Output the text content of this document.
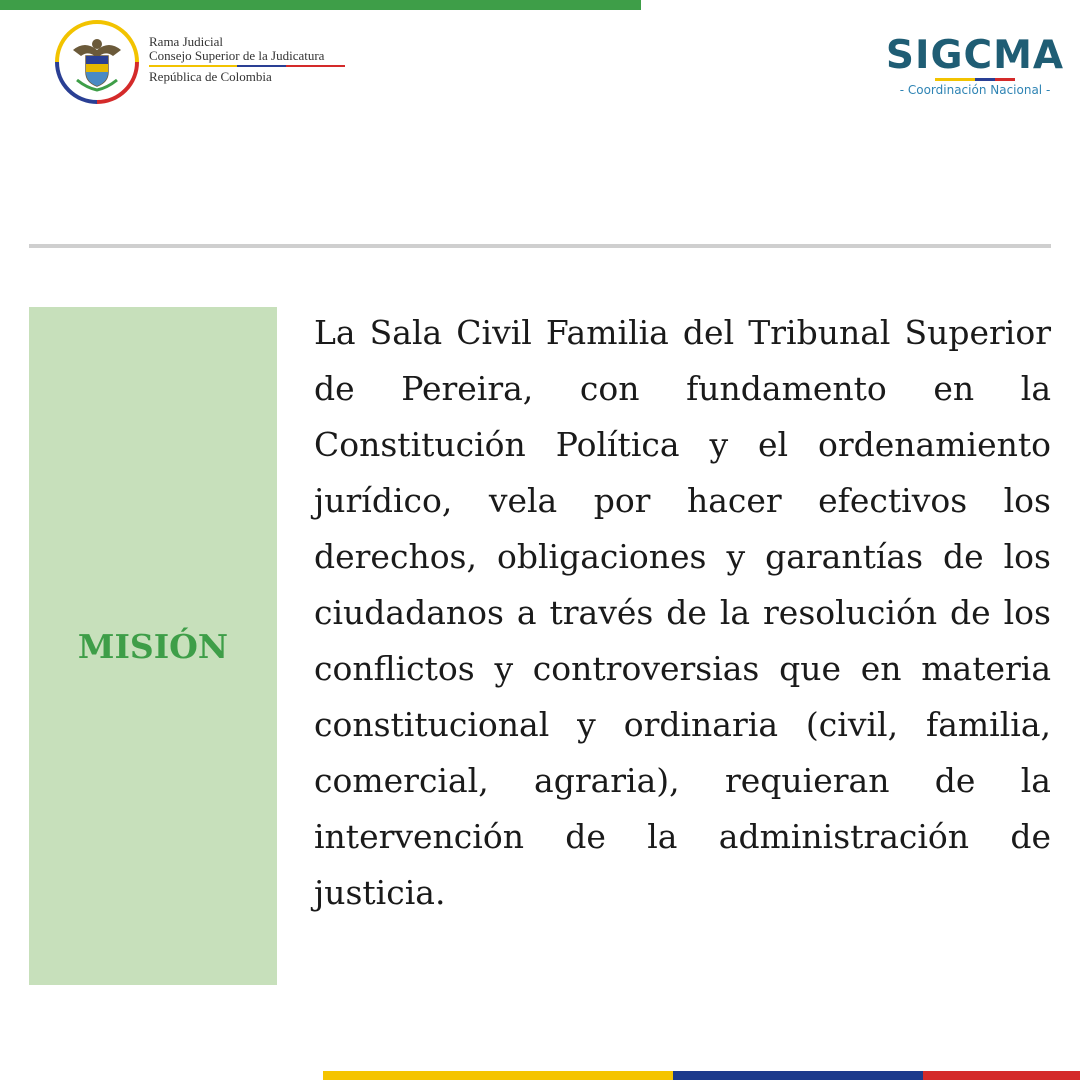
Rama Judicial
Consejo Superior de la Judicatura
República de Colombia	SIGCMA
- Coordinación Nacional -
MISIÓN

La Sala Civil Familia del Tribunal Superior de Pereira, con fundamento en la Constitución Política y el ordenamiento jurídico, vela por hacer efectivos los derechos, obligaciones y garantías de los ciudadanos a través de la resolución de los conflictos y controversias que en materia constitucional y ordinaria (civil, familia, comercial, agraria), requieran de la intervención de la administración de justicia.
